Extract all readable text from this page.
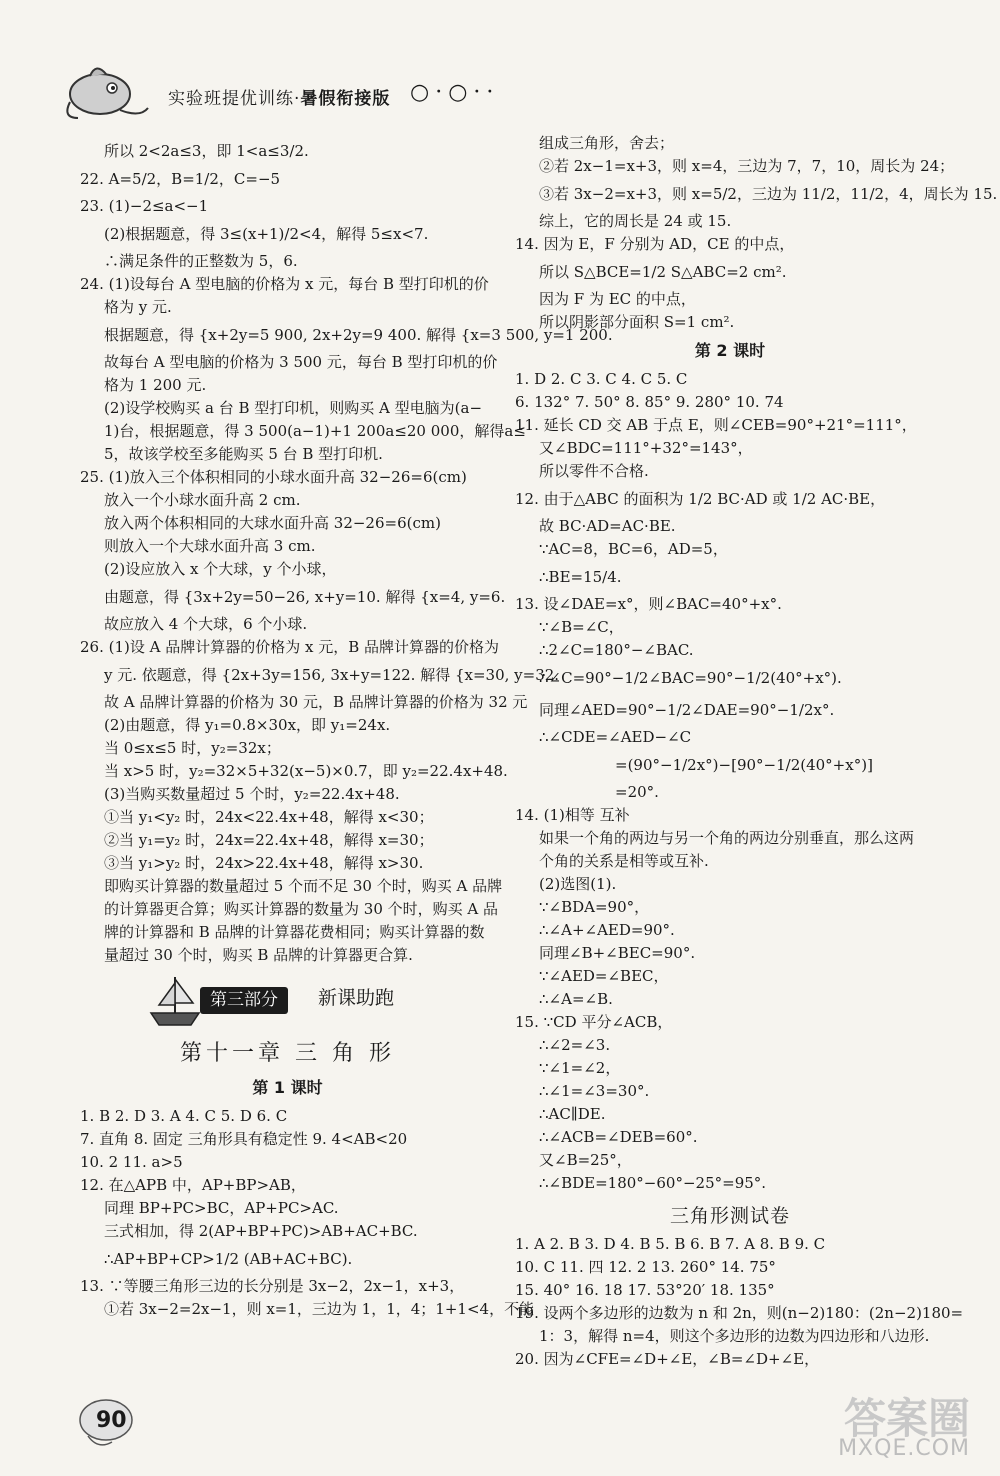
实验班提优训练·暑假衔接版 ○·○··
所以 2<2a≤3，即 1<a≤3/2.
22. A=5/2，B=1/2，C=−5
23. (1)−2≤a<−1
(2)根据题意，得 3≤(x+1)/2<4，解得 5≤x<7.
∴满足条件的正整数为 5，6.
24. (1)设每台 A 型电脑的价格为 x 元，每台 B 型打印机的价
格为 y 元.
根据题意，得 {x+2y=5 900, 2x+2y=9 400. 解得 {x=3 500, y=1 200.
故每台 A 型电脑的价格为 3 500 元，每台 B 型打印机的价
格为 1 200 元.
(2)设学校购买 a 台 B 型打印机，则购买 A 型电脑为(a−
1)台，根据题意，得 3 500(a−1)+1 200a≤20 000，解得a≤
5，故该学校至多能购买 5 台 B 型打印机.
25. (1)放入三个体积相同的小球水面升高 32−26=6(cm)
放入一个小球水面升高 2 cm.
放入两个体积相同的大球水面升高 32−26=6(cm)
则放入一个大球水面升高 3 cm.
(2)设应放入 x 个大球，y 个小球，
由题意，得 {3x+2y=50−26, x+y=10. 解得 {x=4, y=6.
故应放入 4 个大球，6 个小球.
26. (1)设 A 品牌计算器的价格为 x 元，B 品牌计算器的价格为
y 元. 依题意，得 {2x+3y=156, 3x+y=122. 解得 {x=30, y=32.
故 A 品牌计算器的价格为 30 元，B 品牌计算器的价格为 32 元
(2)由题意，得 y₁=0.8×30x，即 y₁=24x.
当 0≤x≤5 时，y₂=32x；
当 x>5 时，y₂=32×5+32(x−5)×0.7，即 y₂=22.4x+48.
(3)当购买数量超过 5 个时，y₂=22.4x+48.
①当 y₁<y₂ 时，24x<22.4x+48，解得 x<30；
②当 y₁=y₂ 时，24x=22.4x+48，解得 x=30；
③当 y₁>y₂ 时，24x>22.4x+48，解得 x>30.
即购买计算器的数量超过 5 个而不足 30 个时，购买 A 品牌
的计算器更合算；购买计算器的数量为 30 个时，购买 A 品
牌的计算器和 B 品牌的计算器花费相同；购买计算器的数
量超过 30 个时，购买 B 品牌的计算器更合算.
第三部分	新课助跑
第十一章 三 角 形
第 1 课时
1. B 2. D 3. A 4. C 5. D 6. C
7. 直角 8. 固定 三角形具有稳定性 9. 4<AB<20
10. 2 11. a>5
12. 在△APB 中，AP+BP>AB，
同理 BP+PC>BC，AP+PC>AC.
三式相加，得 2(AP+BP+PC)>AB+AC+BC.
∴AP+BP+CP>1/2 (AB+AC+BC).
13. ∵等腰三角形三边的长分别是 3x−2，2x−1，x+3，
①若 3x−2=2x−1，则 x=1，三边为 1，1，4；1+1<4，不能
组成三角形，舍去；
②若 2x−1=x+3，则 x=4，三边为 7，7，10，周长为 24；
③若 3x−2=x+3，则 x=5/2，三边为 11/2，11/2，4，周长为 15.
综上，它的周长是 24 或 15.
14. 因为 E，F 分别为 AD，CE 的中点，
所以 S△BCE=1/2 S△ABC=2 cm².
因为 F 为 EC 的中点，
所以阴影部分面积 S=1 cm².
第 2 课时
1. D 2. C 3. C 4. C 5. C
6. 132° 7. 50° 8. 85° 9. 280° 10. 74
11. 延长 CD 交 AB 于点 E，则∠CEB=90°+21°=111°，
又∠BDC=111°+32°=143°，
所以零件不合格.
12. 由于△ABC 的面积为 1/2 BC·AD 或 1/2 AC·BE，
故 BC·AD=AC·BE.
∵AC=8，BC=6，AD=5，
∴BE=15/4.
13. 设∠DAE=x°，则∠BAC=40°+x°.
∵∠B=∠C，
∴2∠C=180°−∠BAC.
∴∠C=90°−1/2∠BAC=90°−1/2(40°+x°).
同理∠AED=90°−1/2∠DAE=90°−1/2x°.
∴∠CDE=∠AED−∠C
=(90°−1/2x°)−[90°−1/2(40°+x°)]
=20°.
14. (1)相等 互补
如果一个角的两边与另一个角的两边分别垂直，那么这两
个角的关系是相等或互补.
(2)选图(1).
∵∠BDA=90°，
∴∠A+∠AED=90°.
同理∠B+∠BEC=90°.
∵∠AED=∠BEC，
∴∠A=∠B.
15. ∵CD 平分∠ACB，
∴∠2=∠3.
∵∠1=∠2，
∴∠1=∠3=30°.
∴AC∥DE.
∴∠ACB=∠DEB=60°.
又∠B=25°，
∴∠BDE=180°−60°−25°=95°.
三角形测试卷
1. A 2. B 3. D 4. B 5. B 6. B 7. A 8. B 9. C
10. C 11. 四 12. 2 13. 260° 14. 75°
15. 40° 16. 18 17. 53°20′ 18. 135°
19. 设两个多边形的边数为 n 和 2n，则(n−2)180：(2n−2)180=
1：3，解得 n=4，则这个多边形的边数为四边形和八边形.
20. 因为∠CFE=∠D+∠E，∠B=∠D+∠E，
90	答案圈
MXQE.COM
